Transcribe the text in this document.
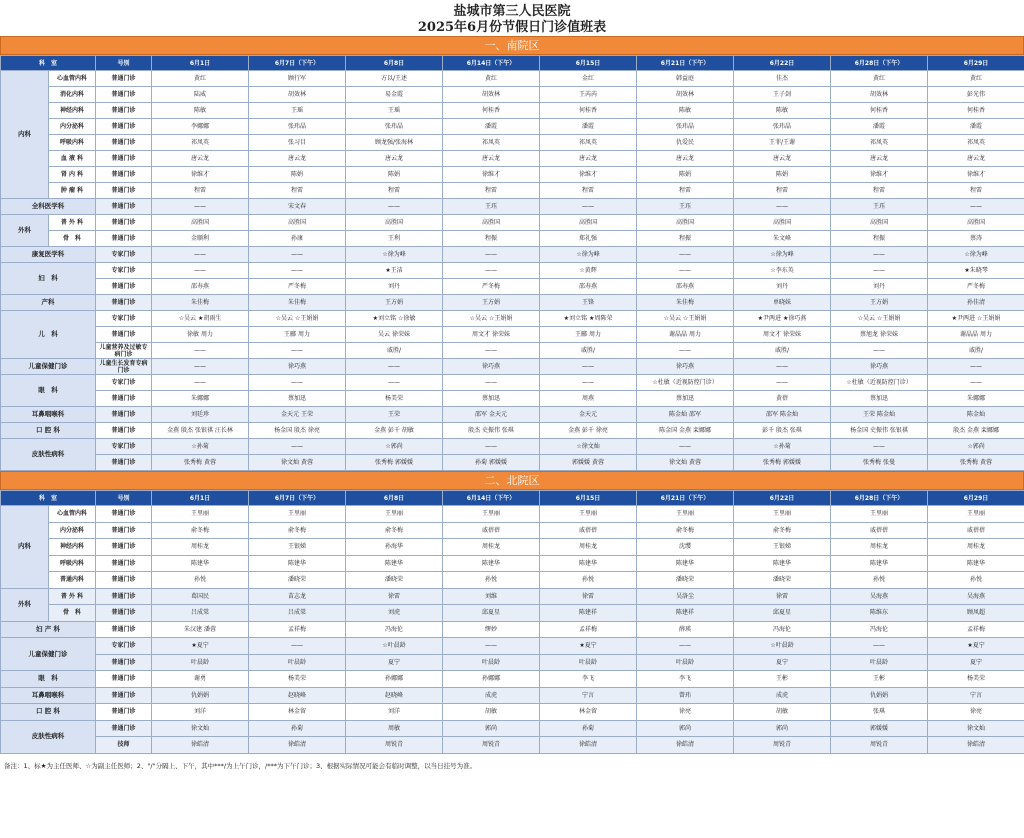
盐城市第三人民医院
2025年6月份节假日门诊值班表
一、南院区
科　室		号别	6月1日	6月7日（下午）	6月8日	6月14日（下午）	6月15日	6月21日（下午）	6月22日	6月28日（下午）	6月29日
内科	心血管内科	普通门诊	黄红	顾行军	方以/王述	黄红	金红	韩益庭	佳杰	黄红	黄红
	消化内科	普通门诊	陆威	胡效林	易金霞	胡效林	王芮芮	胡效林	王子剑	胡效林	彭光伟
	神经内科	普通门诊	陈敏	王瑶	王瑶	何桂香	何桂香	陈敏	陈敏	何桂香	何桂香
	内分泌科	普通门诊	李娜娜	张玮晶	张玮晶	潘霞	潘霞	张玮晶	张玮晶	潘霞	潘霞
	呼吸内科	普通门诊	祁凤英	张习目	顾龙强/张海林	祁凤英	祁凤英	仇爱民	王菲/王谢	祁凤英	祁凤英
	血 液 科	普通门诊	唐云龙	唐云龙	唐云龙	唐云龙	唐云龙	唐云龙	唐云龙	唐云龙	唐云龙
	肾 内 科	普通门诊	徐维才	陈娟	陈娟	徐维才	徐维才	陈娟	陈娟	徐维才	徐维才
	肿 瘤 科	普通门诊	程雷	程雷	程雷	程雷	程雷	程雷	程雷	程雷	程雷
全科医学科		普通门诊	——	宋文春	——	王珏	——	王珏	——	王珏	——
外科	普 外 科	普通门诊	高胜国	高胜国	高胜国	高胜国	高胜国	高胜国	高胜国	高胜国	高胜国
	骨　科	普通门诊	金顺利	孙康	王利	程振	郑礼强	程振	朱文峰	程振	蔡涛
康复医学科		专家门诊	——	——	☆徐为峰	——	☆徐为峰	——	☆徐为峰	——	☆徐为峰
妇　科		专家门诊	——	——	★王洁	——	☆黄辉	——	☆李东英	——	★朱晓琴
		普通门诊	邵寿燕	严冬梅	刘丹	严冬梅	邵寿燕	邵寿燕	刘丹	刘丹	严冬梅
产科		普通门诊	朱佳梅	朱佳梅	王方娟	王方娟	王锋	朱佳梅	单晓妹	王方娟	孙佳清
儿　科		专家门诊	☆吴云 ★胡雨生	☆吴云 ☆王娟娟	★刘立铭 ☆徐敏	☆吴云 ☆王娟娟	★刘立铭 ★周陈荣	☆吴云 ☆王娟娟	★尹两进 ★徐巧燕	☆吴云 ☆王娟娟	★尹两进 ☆王娟娟
		普通门诊	徐敏 周力	王郦 周力	吴云 徐荣妹	周文才 徐荣妹	王郦 周力	谢晶晶 周力	周文才 徐荣妹	蔡旭龙 徐荣妹	谢晶晶 周力
		儿童营养及过敏专病门诊	——	——	戚胜/	——	戚胜/	——	戚胜/	——	戚胜/
儿童保健门诊		儿童生长发育专病门诊	——	徐巧燕	——	徐巧燕	——	徐巧燕	——	徐巧燕	——
眼　科		专家门诊	——	——	——	——	——	☆杜敏（近视防控门诊）	——	☆杜敏（近视防控门诊）	——
		普通门诊	朱娜娜	蔡加迅	杨美荣	蔡加迅	周燕	蔡加迅	黄蓓	蔡加迅	朱娜娜
耳鼻咽喉科		普通门诊	刘廷珍	金天元 王荣	王荣	邵军 金天元	金天元	陈金灿 邵军	邵军 陈金灿	王荣 陈金灿	陈金灿
口 腔 科		普通门诊	金燕 殷杰 张银祺 汪长林	杨金国 殷杰 徐亮	金燕 彭千 胡敏	殷杰 史振伟 张琪	金燕 彭千 徐亮	陈金国 金燕 栾娜娜	彭千 殷杰 张琪	杨金国 史振伟 张银祺	殷杰 金燕 栾娜娜
皮肤性病科		专家门诊	☆孙菊	——	☆郭尚	——	☆徐文灿	——	☆孙菊	——	☆郭尚
		普通门诊	张秀梅 黄蓉	徐文灿 黄蓉	张秀梅 郭媛媛	孙菊 郭媛媛	郭媛媛 黄蓉	徐文灿 黄蓉	张秀梅 郭媛媛	张秀梅 张曼	张秀梅 黄蓉
二、北院区
科　室		号别	6月1日	6月7日（下午）	6月8日	6月14日（下午）	6月15日	6月21日（下午）	6月22日	6月28日（下午）	6月29日
内科	心血管内科	普通门诊	王里丽	王里丽	王里丽	王里丽	王里丽	王里丽	王里丽	王里丽	王里丽
	内分泌科	普通门诊	俞冬梅	俞冬梅	俞冬梅	戚蓓蓓	戚蓓蓓	俞冬梅	俞冬梅	戚蓓蓓	戚蓓蓓
	神经内科	普通门诊	周桂龙	王银娣	孙海华	周桂龙	周桂龙	沈缨	王银娣	周桂龙	周桂龙
	呼吸内科	普通门诊	陈建华	陈建华	陈建华	陈建华	陈建华	陈建华	陈建华	陈建华	陈建华
	普通内科	普通门诊	孙悦	潘晓荣	潘晓荣	孙悦	孙悦	潘晓荣	潘晓荣	孙悦	孙悦
外科	普 外 科	普通门诊	葛国民	苗志龙	徐雷	刘维	徐雷	吴洛尘	徐雷	吴海燕	吴海燕
	骨　科	普通门诊	吕成棠	吕成棠	刘虎	邱夏星	陈建祥	陈建祥	邱夏星	陈维东	顾凤超
妇 产 科		普通门诊	朱汉建 潘蓉	孟祥梅	冯海伦	缪妙	孟祥梅	薛瑛	冯海伦	冯海伦	孟祥梅
儿童保健门诊		专家门诊	★夏宁	——	☆叶晨龄	——	★夏宁	——	☆叶晨龄	——	★夏宁
		普通门诊	叶晨龄	叶晨龄	夏宁	叶晨龄	叶晨龄	叶晨龄	夏宁	叶晨龄	夏宁
眼　科		普通门诊	谢勇	杨美荣	孙娜娜	孙娜娜	李飞	李飞	王彬	王彬	杨美荣
耳鼻咽喉科		普通门诊	仇娟娟	赵晓峰	赵晓峰	成虎	宁言	曾玮	成虎	仇娟娟	宁言
口 腔 科		普通门诊	刘洋	林金留	刘洋	胡敏	林金留	徐亮	胡敏	张琪	徐亮
皮肤性病科		普通门诊	徐文灿	孙菊	周敏	郭尚	孙菊	郭尚	郭尚	郭媛媛	徐文灿
		技师	徐皓清	徐皓清	周锐青	周锐青	徐皓清	徐皓清	周锐青	周锐青	徐皓清
备注：1、标★为主任医师、☆为副主任医师；2、"/"分隔上、下午，其中***/为上午门诊，/***为下午门诊；3、根据实际情况可能会有临时调整，以当日挂号为准。
